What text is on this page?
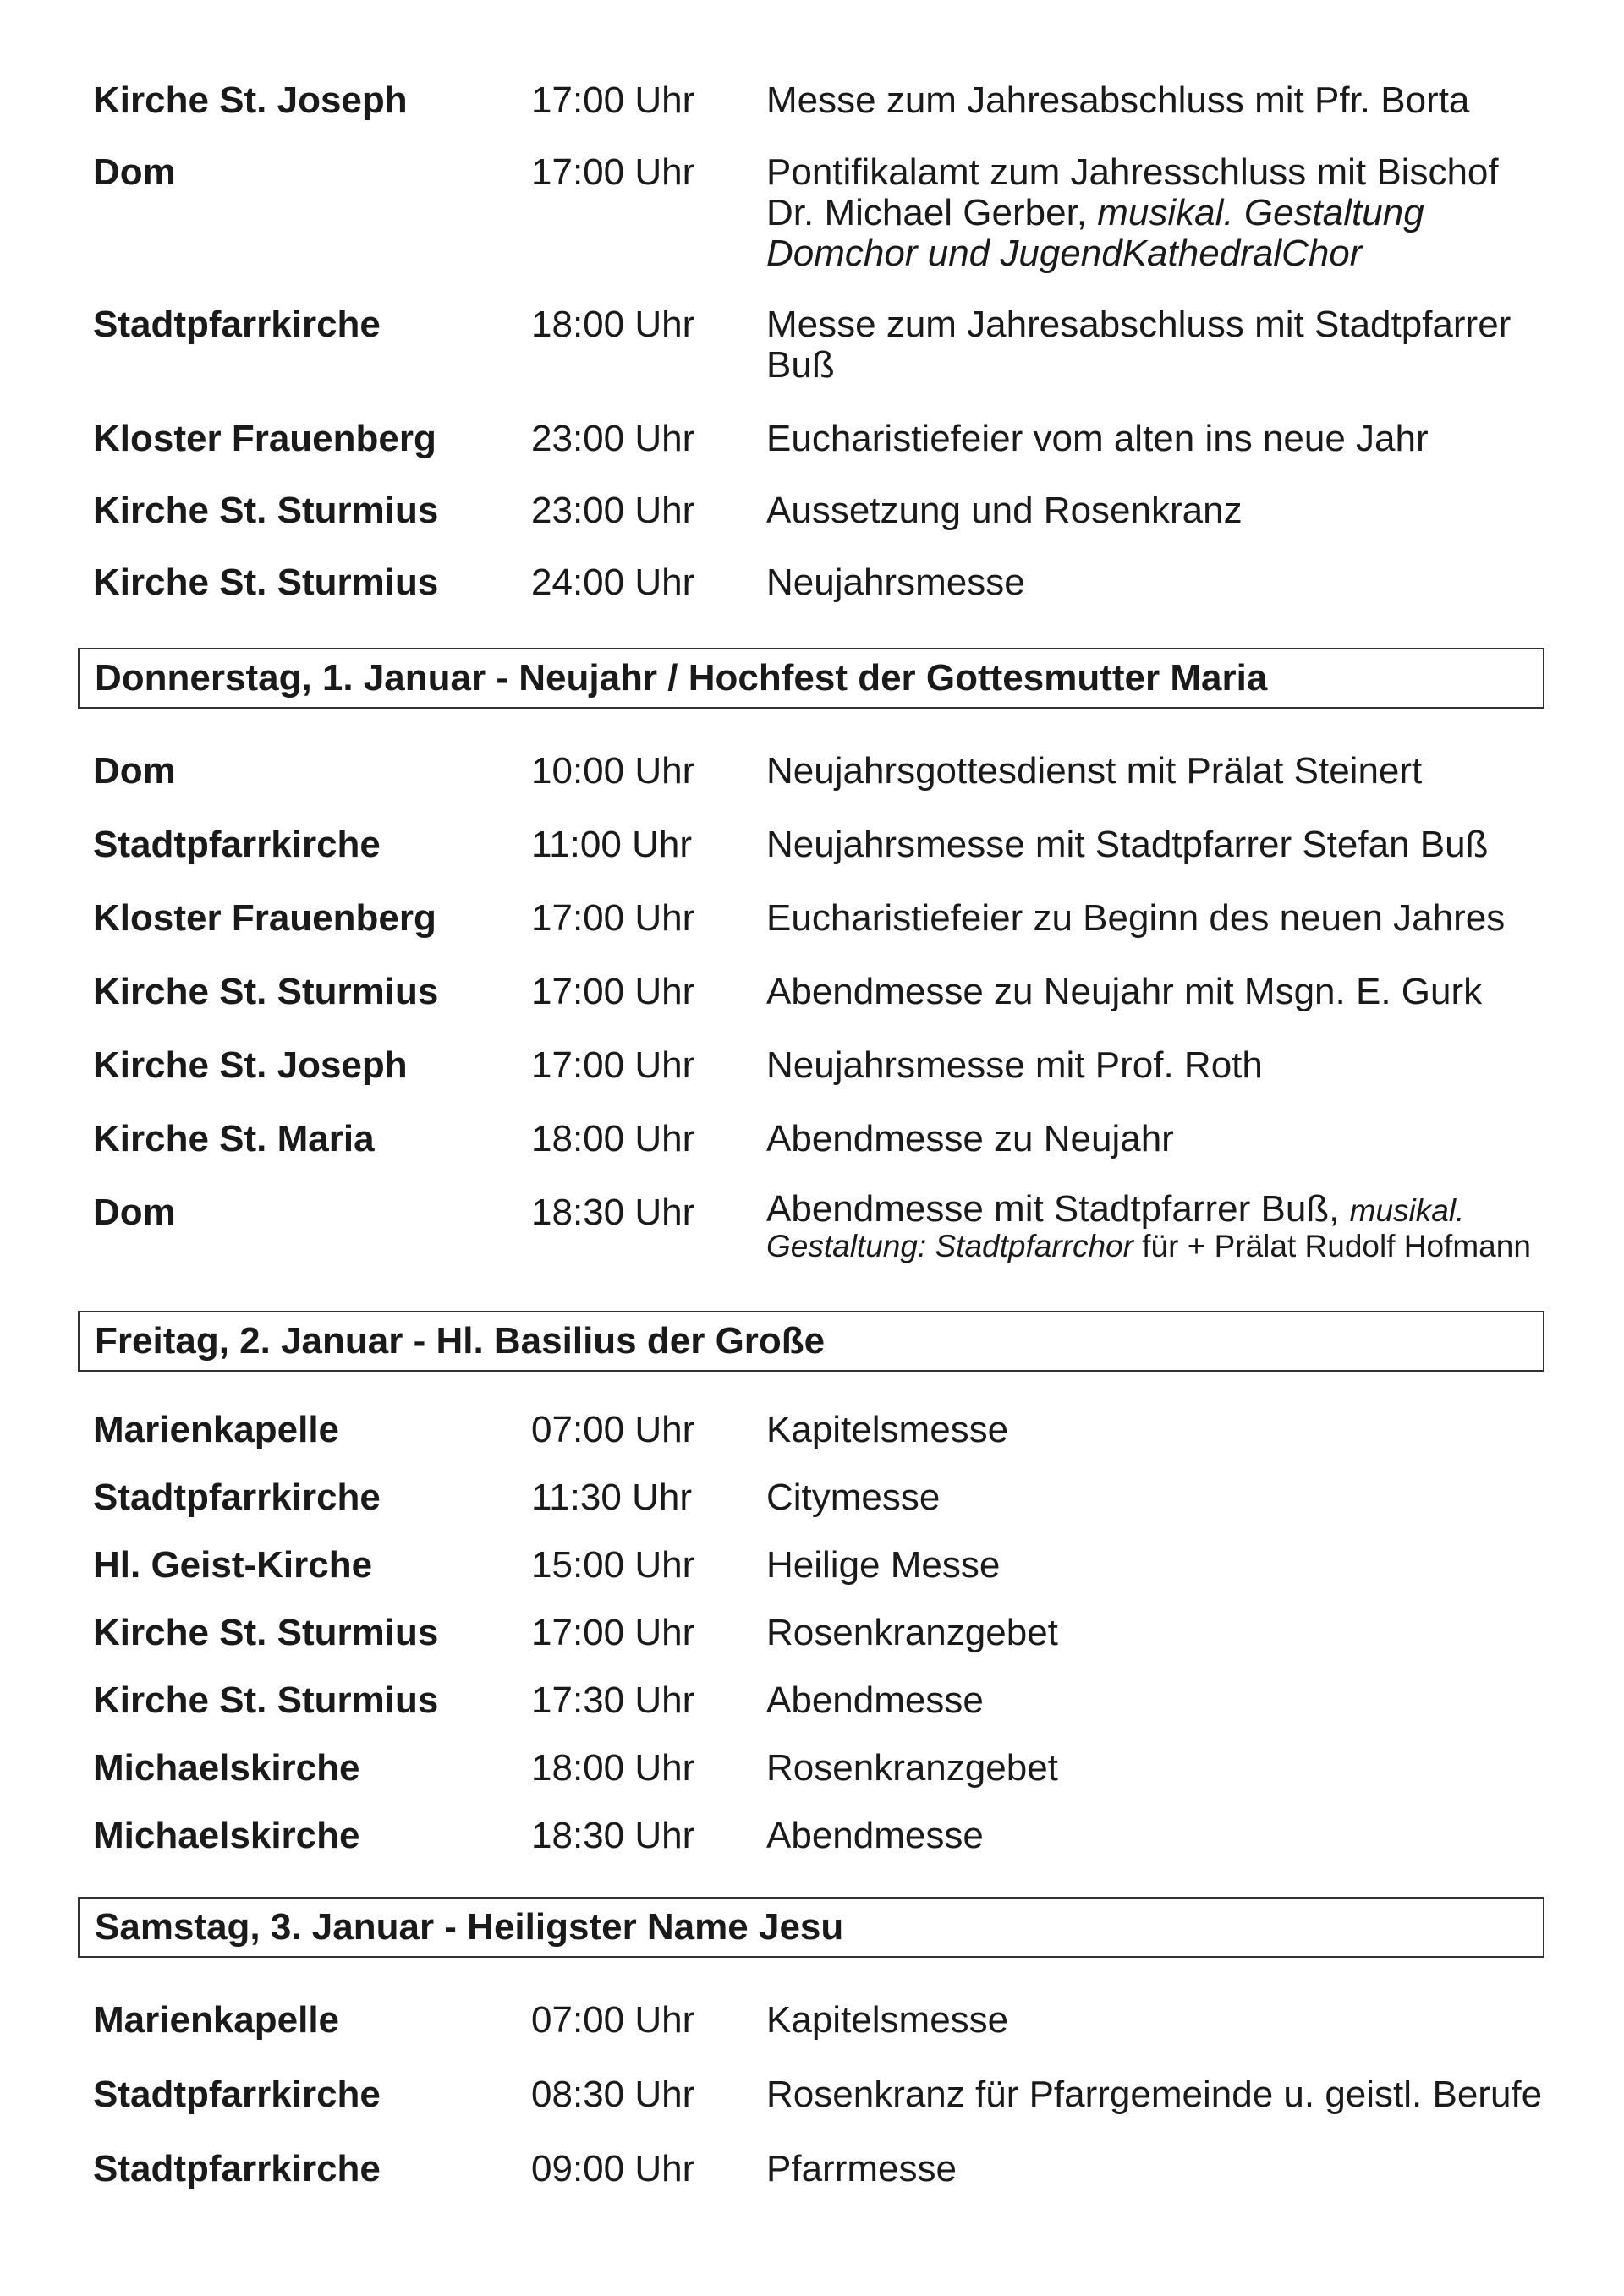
Kirche St. Joseph	17:00 Uhr Messe zum Jahresabschluss mit Pfr. Borta
Dom	17:00 Uhr Pontifikalamt zum Jahresschluss mit Bischof
Dr. Michael Gerber, musikal. Gestaltung
Domchor und JugendKathedralChor
Stadtpfarrkirche	18:00 Uhr Messe zum Jahresabschluss mit Stadtpfarrer
Buß
Kloster Frauenberg	23:00 Uhr Eucharistiefeier vom alten ins neue Jahr
Kirche St. Sturmius 23:00 Uhr Aussetzung und Rosenkranz
Kirche St. Sturmius 24:00 Uhr Neujahrsmesse
Donnerstag, 1. Januar - Neujahr / Hochfest der Gottesmutter Maria
Dom	10:00 Uhr Neujahrsgottesdienst mit Prälat Steinert
Stadtpfarrkirche	11:00 Uhr Neujahrsmesse mit Stadtpfarrer Stefan Buß
Kloster Frauenberg	17:00 Uhr Eucharistiefeier zu Beginn des neuen Jahres
Kirche St. Sturmius 17:00 Uhr Abendmesse zu Neujahr mit Msgn. E. Gurk
Kirche St. Joseph	17:00 Uhr Neujahrsmesse mit Prof. Roth
Kirche St. Maria	18:00 Uhr Abendmesse zu Neujahr
Dom	18:30 Uhr Abendmesse mit Stadtpfarrer Buß, musikal.
Gestaltung: Stadtpfarrchor für + Prälat Rudolf Hofmann
Freitag, 2. Januar - Hl. Basilius der Große
Marienkapelle	07:00 Uhr Kapitelsmesse
Stadtpfarrkirche	11:30 Uhr Citymesse
Hl. Geist-Kirche	15:00 Uhr Heilige Messe
Kirche St. Sturmius 17:00 Uhr Rosenkranzgebet
Kirche St. Sturmius 17:30 Uhr Abendmesse
Michaelskirche	18:00 Uhr Rosenkranzgebet
Michaelskirche	18:30 Uhr Abendmesse
Samstag, 3. Januar - Heiligster Name Jesu
Marienkapelle	07:00 Uhr Kapitelsmesse
Stadtpfarrkirche	08:30 Uhr Rosenkranz für Pfarrgemeinde u. geistl. Berufe
Stadtpfarrkirche	09:00 Uhr Pfarrmesse
